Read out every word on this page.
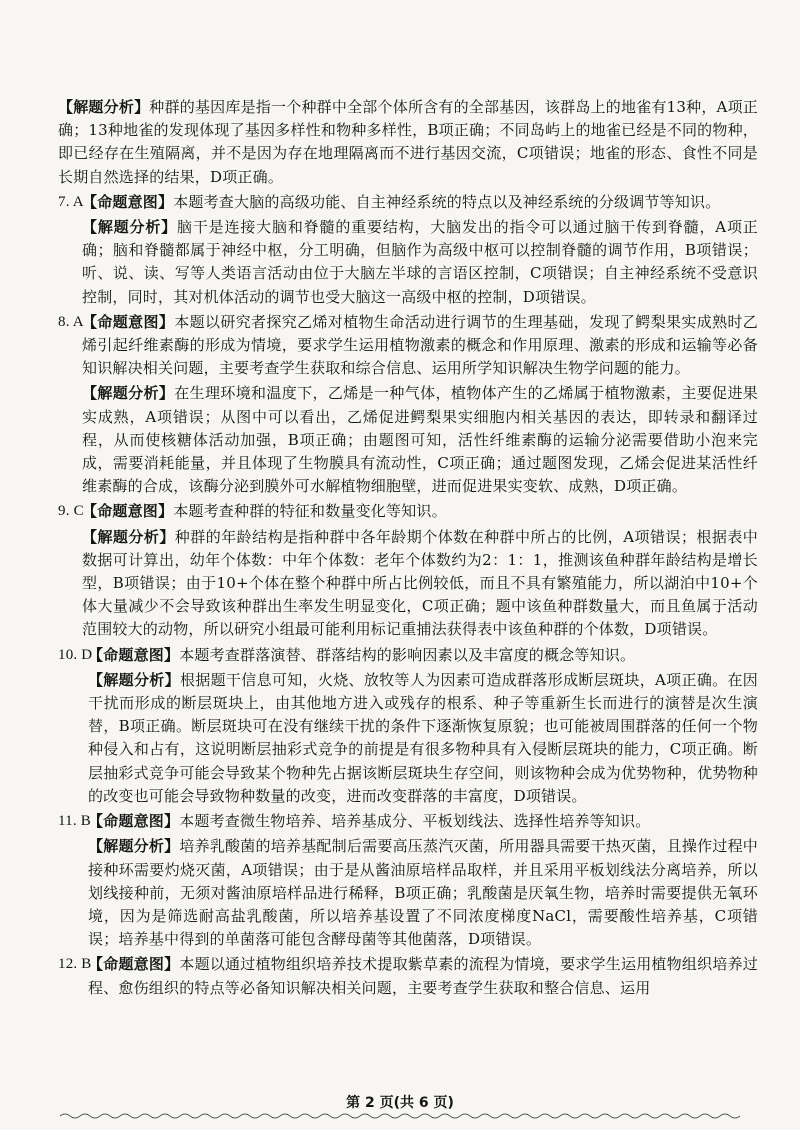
【解题分析】种群的基因库是指一个种群中全部个体所含有的全部基因，该群岛上的地雀有13种，A项正确；13种地雀的发现体现了基因多样性和物种多样性，B项正确；不同岛屿上的地雀已经是不同的物种，即已经存在生殖隔离，并不是因为存在地理隔离而不进行基因交流，C项错误；地雀的形态、食性不同是长期自然选择的结果，D项正确。

7. A
【命题意图】本题考查大脑的高级功能、自主神经系统的特点以及神经系统的分级调节等知识。

【解题分析】脑干是连接大脑和脊髓的重要结构，大脑发出的指令可以通过脑干传到脊髓，A项正确；脑和脊髓都属于神经中枢，分工明确，但脑作为高级中枢可以控制脊髓的调节作用，B项错误；听、说、读、写等人类语言活动由位于大脑左半球的言语区控制，C项错误；自主神经系统不受意识控制，同时，其对机体活动的调节也受大脑这一高级中枢的控制，D项错误。

8. A
【命题意图】本题以研究者探究乙烯对植物生命活动进行调节的生理基础，发现了鳄梨果实成熟时乙烯引起纤维素酶的形成为情境，要求学生运用植物激素的概念和作用原理、激素的形成和运输等必备知识解决相关问题，主要考查学生获取和综合信息、运用所学知识解决生物学问题的能力。

【解题分析】在生理环境和温度下，乙烯是一种气体，植物体产生的乙烯属于植物激素，主要促进果实成熟，A项错误；从图中可以看出，乙烯促进鳄梨果实细胞内相关基因的表达，即转录和翻译过程，从而使核糖体活动加强，B项正确；由题图可知，活性纤维素酶的运输分泌需要借助小泡来完成，需要消耗能量，并且体现了生物膜具有流动性，C项正确；通过题图发现，乙烯会促进某活性纤维素酶的合成，该酶分泌到膜外可水解植物细胞壁，进而促进果实变软、成熟，D项正确。

9. C
【命题意图】本题考查种群的特征和数量变化等知识。

【解题分析】种群的年龄结构是指种群中各年龄期个体数在种群中所占的比例，A项错误；根据表中数据可计算出，幼年个体数：中年个体数：老年个体数约为2：1：1，推测该鱼种群年龄结构是增长型，B项错误；由于10+个体在整个种群中所占比例较低，而且不具有繁殖能力，所以湖泊中10+个体大量减少不会导致该种群出生率发生明显变化，C项正确；题中该鱼种群数量大，而且鱼属于活动范围较大的动物，所以研究小组最可能利用标记重捕法获得表中该鱼种群的个体数，D项错误。

10. D
【命题意图】本题考查群落演替、群落结构的影响因素以及丰富度的概念等知识。

【解题分析】根据题干信息可知，火烧、放牧等人为因素可造成群落形成断层斑块，A项正确。在因干扰而形成的断层斑块上，由其他地方进入或残存的根系、种子等重新生长而进行的演替是次生演替，B项正确。断层斑块可在没有继续干扰的条件下逐渐恢复原貌；也可能被周围群落的任何一个物种侵入和占有，这说明断层抽彩式竞争的前提是有很多物种具有入侵断层斑块的能力，C项正确。断层抽彩式竞争可能会导致某个物种先占据该断层斑块生存空间，则该物种会成为优势物种，优势物种的改变也可能会导致物种数量的改变，进而改变群落的丰富度，D项错误。

11. B
【命题意图】本题考查微生物培养、培养基成分、平板划线法、选择性培养等知识。

【解题分析】培养乳酸菌的培养基配制后需要高压蒸汽灭菌，所用器具需要干热灭菌，且操作过程中接种环需要灼烧灭菌，A项错误；由于是从酱油原培样品取样，并且采用平板划线法分离培养，所以划线接种前，无须对酱油原培样品进行稀释，B项正确；乳酸菌是厌氧生物，培养时需要提供无氧环境，因为是筛选耐高盐乳酸菌，所以培养基设置了不同浓度梯度NaCl，需要酸性培养基，C项错误；培养基中得到的单菌落可能包含酵母菌等其他菌落，D项错误。

12. B
【命题意图】本题以通过植物组织培养技术提取紫草素的流程为情境，要求学生运用植物组织培养过程、愈伤组织的特点等必备知识解决相关问题，主要考查学生获取和整合信息、运用

第 2 页(共 6 页)
